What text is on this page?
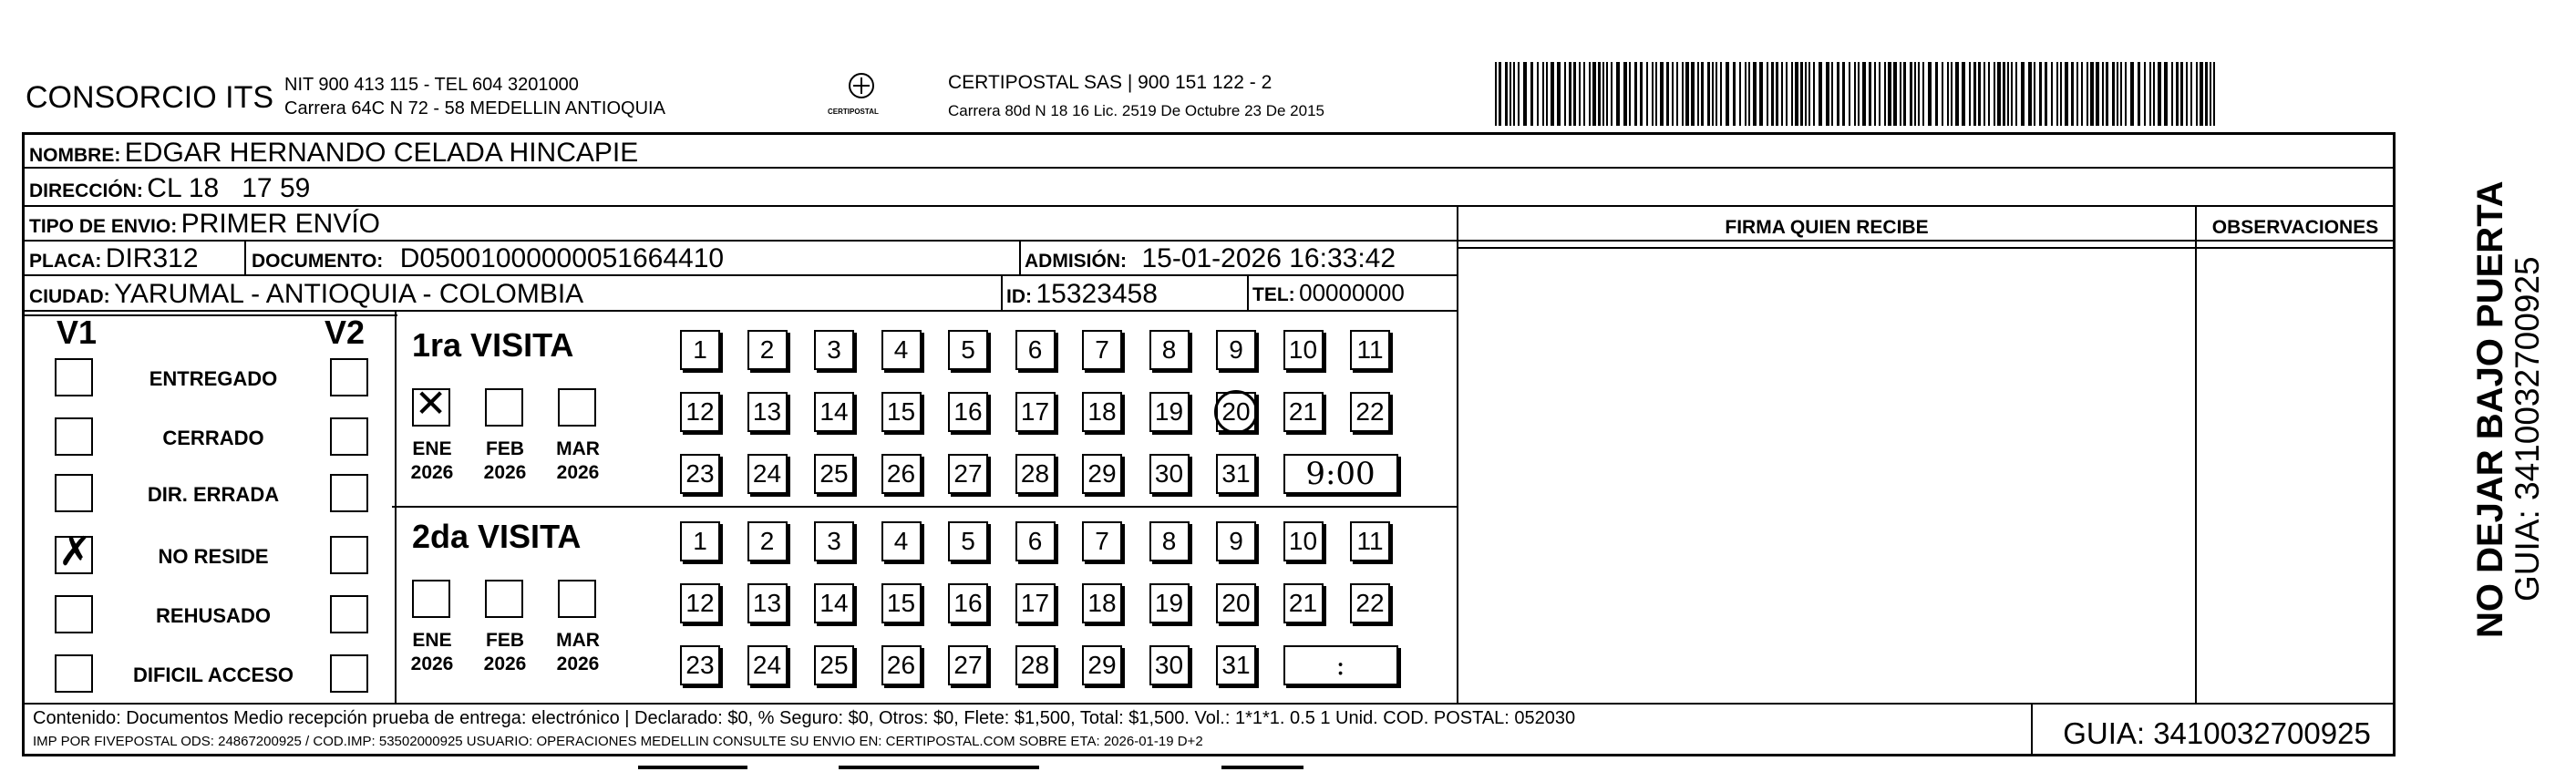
CONSORCIO ITS NIT 900 413 115 - TEL 604 3201000
Carrera 64C N 72 - 58 MEDELLIN ANTIOQUIA	CERTIPOSTAL
CERTIPOSTAL SAS | 900 151 122 - 2
Carrera 80d N 18 16 Lic. 2519 De Octubre 23 De 2015
NOMBRE: EDGAR HERNANDO CELADA HINCAPIE
DIRECCIÓN: CL 18   17 59
TIPO DE ENVIO: PRIMER ENVÍO
PLACA: DIR312	DOCUMENTO: D05001000000051664410	ADMISIÓN: 15-01-2026 16:33:42
CIUDAD: YARUMAL - ANTIOQUIA - COLOMBIA	ID: 15323458	TEL: 00000000
FIRMA QUIEN RECIBE	OBSERVACIONES
V1	V2
ENTREGADO
CERRADO
DIR. ERRADA
✗	NO RESIDE
REHUSADO
DIFICIL ACCESO
1ra VISITA
✕
ENE
2026
FEB
2026
MAR
2026
1	2	3	4	5	6	7	8	9	10 11
12 13 14 15 16 17 18 19 20 21 22
23 24 25 26 27 28 29 30 31	9:00
2da VISITA
ENE
2026
FEB
2026
MAR
2026
1	2	3	4	5	6	7	8	9	10 11
12 13 14 15 16 17 18 19 20 21 22
23 24 25 26 27 28 29 30 31	:
Contenido: Documentos Medio recepción prueba de entrega: electrónico | Declarado: $0, % Seguro: $0, Otros: $0, Flete: $1,500, Total: $1,500. Vol.: 1*1*1. 0.5 1 Unid. COD. POSTAL: 052030
IMP POR FIVEPOSTAL ODS: 24867200925 / COD.IMP: 53502000925 USUARIO: OPERACIONES MEDELLIN CONSULTE SU ENVIO EN: CERTIPOSTAL.COM SOBRE ETA: 2026-01-19 D+2	GUIA: 3410032700925
NO DEJAR BAJO PUERTA
GUIA: 3410032700925
